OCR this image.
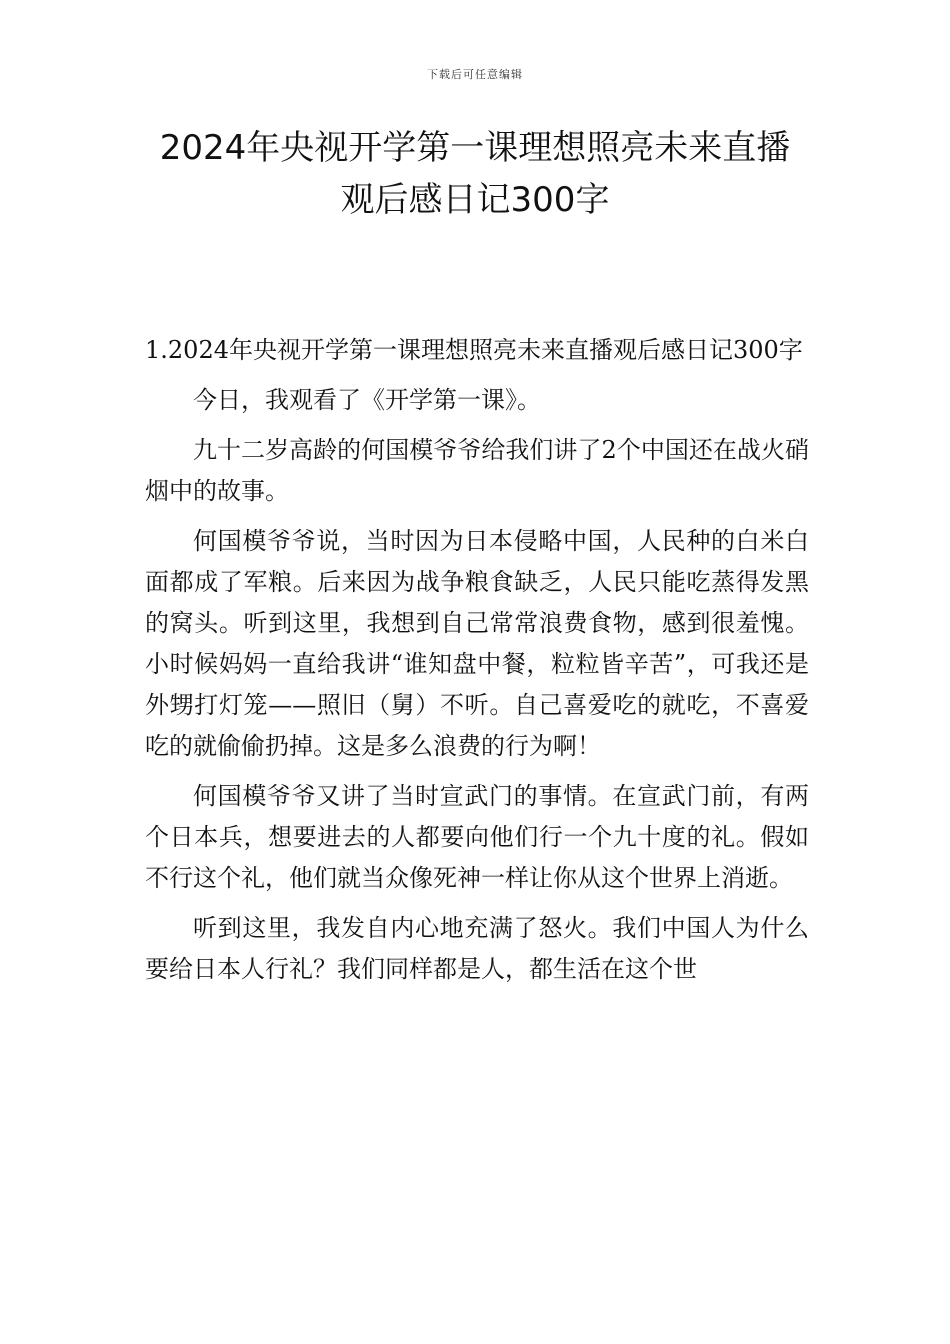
下载后可任意编辑
2024年央视开学第一课理想照亮未来直播
观后感日记300字

1.2024年央视开学第一课理想照亮未来直播观后感日记300字

今日，我观看了《开学第一课》。

九十二岁高龄的何国模爷爷给我们讲了2个中国还在战火硝烟中的故事。

何国模爷爷说，当时因为日本侵略中国，人民种的白米白面都成了军粮。后来因为战争粮食缺乏，人民只能吃蒸得发黑的窝头。听到这里，我想到自己常常浪费食物，感到很羞愧。小时候妈妈一直给我讲“谁知盘中餐，粒粒皆辛苦”，可我还是外甥打灯笼——照旧（舅）不听。自己喜爱吃的就吃，不喜爱吃的就偷偷扔掉。这是多么浪费的行为啊！

何国模爷爷又讲了当时宣武门的事情。在宣武门前，有两个日本兵，想要进去的人都要向他们行一个九十度的礼。假如不行这个礼，他们就当众像死神一样让你从这个世界上消逝。

听到这里，我发自内心地充满了怒火。我们中国人为什么要给日本人行礼？我们同样都是人，都生活在这个世
